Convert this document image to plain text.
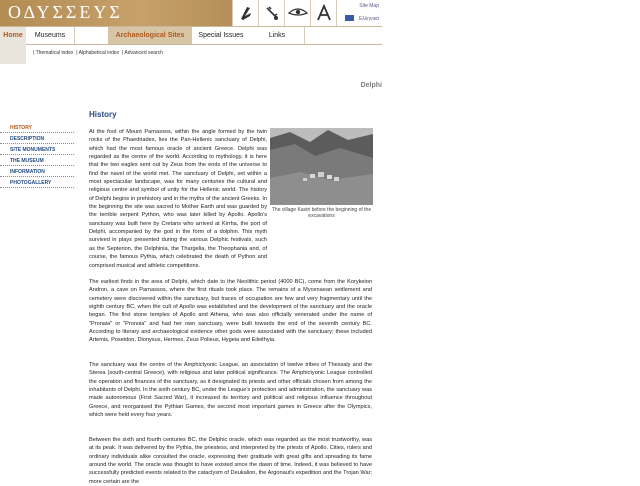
ΟΔΥΣΣΕΥΣ	Site Map
Ελληνικά
Home	Museums	Archaeological Sites	Special Issues	Links
| Thematical index | Alphabetical index | Advanced search
Delphi
HISTORY
DESCRIPTION
SITE MONUMENTS
THE MUSEUM
INFORMATION
PHOTOGALLERY
History
The village Kastri before the beginning of the excavations
At the foot of Mount Parnassos, within the angle formed by the twin rocks of the Phaedriades, lies the Pan-Hellenic sanctuary of Delphi, which had the most famous oracle of ancient Greece. Delphi was regarded as the centre of the world. According to mythology, it is here that the two eagles sent out by Zeus from the ends of the universe to find the navel of the world met. The sanctuary of Delphi, set within a most spectacular landscape, was for many centuries the cultural and religious centre and symbol of unity for the Hellenic world. The history of Delphi begins in prehistory and in the myths of the ancient Greeks. In the beginning the site was sacred to Mother Earth and was guarded by the terrible serpent Python, who was later killed by Apollo. Apollo's sanctuary was built here by Cretans who arrived at Kirrha, the port of Delphi, accompanied by the god in the form of a dolphin. This myth survived in plays presented during the various Delphic festivals, such as the Septerion, the Delphinia, the Thargelia, the Theophania and, of course, the famous Pythia, which celebrated the death of Python and comprised musical and athletic competitions.
The earliest finds in the area of Delphi, which date to the Neolithic period (4000 BC), come from the Korykeion Andron, a cave on Parnassos, where the first rituals took place. The remains of a Mycenaean settlement and cemetery were discovered within the sanctuary, but traces of occupation are few and very fragmentary until the eighth century BC, when the cult of Apollo was established and the development of the sanctuary and the oracle began. The first stone temples of Apollo and Athena, who was also officially venerated under the name of "Pronaia" or "Pronoia" and had her own sanctuary, were built towards the end of the seventh century BC. According to literary and archaeological evidence other gods were associated with the sanctuary; these included Artemis, Poseidon, Dionysus, Hermes, Zeus Polieus, Hygeia and Eileithyia.
The sanctuary was the centre of the Amphictyonic League, an association of twelve tribes of Thessaly and the Sterea (south-central Greece), with religious and later political significance. The Amphictyonic League controlled the operation and finances of the sanctuary, as it designated its priests and other officials chosen from among the inhabitants of Delphi. In the sixth century BC, under the League's protection and administration, the sanctuary was made autonomous (First Sacred War), it increased its territory and political and religious influence throughout Greece, and reorganised the Pythian Games, the second most important games in Greece after the Olympics, which were held every four years.
Between the sixth and fourth centuries BC, the Delphic oracle, which was regarded as the most trustworthy, was at its peak. It was delivered by the Pythia, the priestess, and interpreted by the priests of Apollo. Cities, rulers and ordinary individuals alike consulted the oracle, expressing their gratitude with great gifts and spreading its fame around the world. The oracle was thought to have existed since the dawn of time. Indeed, it was believed to have successfully predicted events related to the cataclysm of Deukalion, the Argonaut's expedition and the Trojan War; more certain are the
